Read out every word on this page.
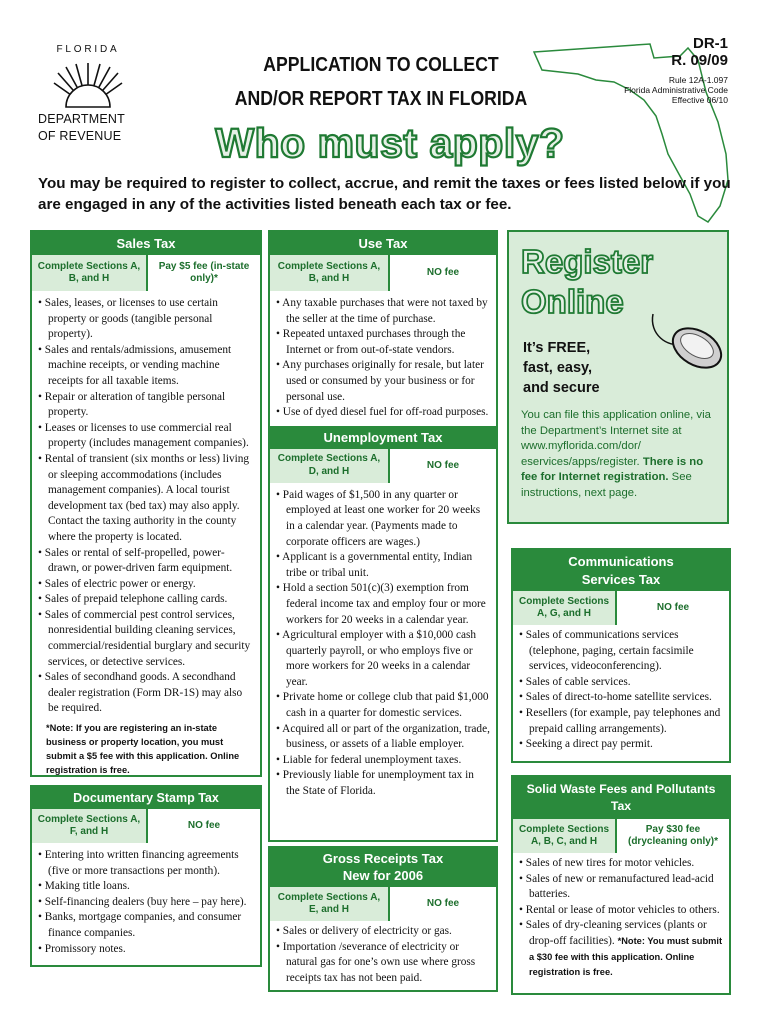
FLORIDA
DEPARTMENT
OF REVENUE
APPLICATION TO COLLECT
AND/OR REPORT TAX IN FLORIDA
Who must apply?
DR-1
R. 09/09
Rule 12A-1.097
Florida Administrative Code
Effective 06/10
You may be required to register to collect, accrue, and remit the taxes or fees listed below if you are engaged in any of the activities listed beneath each tax or fee.
Sales Tax
Complete Sections A, B, and H
Pay $5 fee (in-state only)*
• Sales, leases, or licenses to use certain property or goods (tangible personal property).
• Sales and rentals/admissions, amusement machine receipts, or vending machine receipts for all taxable items.
• Repair or alteration of tangible personal property.
• Leases or licenses to use commercial real property (includes management companies).
• Rental of transient (six months or less) living or sleeping accommodations (includes management companies). A local tourist development tax (bed tax) may also apply. Contact the taxing authority in the county where the property is located.
• Sales or rental of self-propelled, power-drawn, or power-driven farm equipment.
• Sales of electric power or energy.
• Sales of prepaid telephone calling cards.
• Sales of commercial pest control services, nonresidential building cleaning services, commercial/residential burglary and security services, or detective services.
• Sales of secondhand goods. A secondhand dealer registration (Form DR-1S) may also be required.
*Note: If you are registering an in-state business or property location, you must submit a $5 fee with this application. Online registration is free.
Documentary Stamp Tax
Complete Sections A, F, and H
NO fee
• Entering into written financing agreements (five or more transactions per month).
• Making title loans.
• Self-financing dealers (buy here – pay here).
• Banks, mortgage companies, and consumer finance companies.
• Promissory notes.
Use Tax
Complete Sections A, B, and H
NO fee
• Any taxable purchases that were not taxed by the seller at the time of purchase.
• Repeated untaxed purchases through the Internet or from out-of-state vendors.
• Any purchases originally for resale, but later used or consumed by your business or for personal use.
• Use of dyed diesel fuel for off-road purposes.
Unemployment Tax
Complete Sections A, D, and H
NO fee
• Paid wages of $1,500 in any quarter or employed at least one worker for 20 weeks in a calendar year. (Payments made to corporate officers are wages.)
• Applicant is a governmental entity, Indian tribe or tribal unit.
• Hold a section 501(c)(3) exemption from federal income tax and employ four or more workers for 20 weeks in a calendar year.
• Agricultural employer with a $10,000 cash quarterly payroll, or who employs five or more workers for 20 weeks in a calendar year.
• Private home or college club that paid $1,000 cash in a quarter for domestic services.
• Acquired all or part of the organization, trade, business, or assets of a liable employer.
• Liable for federal unemployment taxes.
• Previously liable for unemployment tax in the State of Florida.
Gross Receipts Tax
New for 2006
Complete Sections A, E, and H
NO fee
• Sales or delivery of electricity or gas.
• Importation /severance of electricity or natural gas for one’s own use where gross receipts tax has not been paid.
Register
Online
It’s FREE,
fast, easy,
and secure
You can file this application online, via the Department’s Internet site at www.myflorida.com/dor/ eservices/apps/register. There is no fee for Internet registration. See instructions, next page.
Communications
Services Tax
Complete Sections A, G, and H
NO fee
• Sales of communications services (telephone, paging, certain facsimile services, videoconferencing).
• Sales of cable services.
• Sales of direct-to-home satellite services.
• Resellers (for example, pay telephones and prepaid calling arrangements).
• Seeking a direct pay permit.
Solid Waste Fees and Pollutants
Tax
Complete Sections A, B, C, and H
Pay $30 fee (drycleaning only)*
• Sales of new tires for motor vehicles.
• Sales of new or remanufactured lead-acid batteries.
• Rental or lease of motor vehicles to others.
• Sales of dry-cleaning services (plants or drop-off facilities). *Note: You must submit a $30 fee with this application. Online registration is free.
